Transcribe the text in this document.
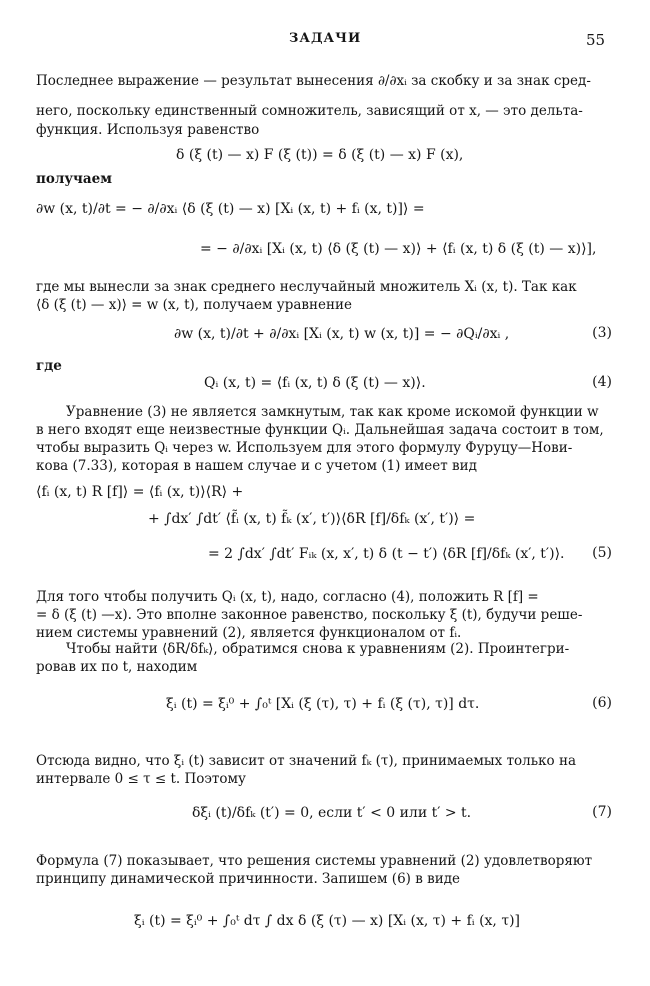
ЗАДАЧИ	55
Последнее выражение — результат вынесения ∂/∂xᵢ за скобку и за знак сред-
него, поскольку единственный сомножитель, зависящий от x, — это дельта-
функция. Используя равенство
δ (ξ (t) — x) F (ξ (t)) = δ (ξ (t) — x) F (x),
получаем
∂w (x, t)/∂t = − ∂/∂xᵢ ⟨δ (ξ (t) — x) [Xᵢ (x, t) + fᵢ (x, t)]⟩ =
= − ∂/∂xᵢ [Xᵢ (x, t) ⟨δ (ξ (t) — x)⟩ + ⟨fᵢ (x, t) δ (ξ (t) — x)⟩],
где мы вынесли за знак среднего неслучайный множитель Xᵢ (x, t). Так как
⟨δ (ξ (t) — x)⟩ = w (x, t), получаем уравнение
∂w (x, t)/∂t + ∂/∂xᵢ [Xᵢ (x, t) w (x, t)] = − ∂Qᵢ/∂xᵢ ,	(3)
где
Qᵢ (x, t) = ⟨fᵢ (x, t) δ (ξ (t) — x)⟩.	(4)
Уравнение (3) не является замкнутым, так как кроме искомой функции w
в него входят еще неизвестные функции Qᵢ. Дальнейшая задача состоит в том,
чтобы выразить Qᵢ через w. Используем для этого формулу Фуруцу—Нови-
кова (7.33), которая в нашем случае и с учетом (1) имеет вид
⟨fᵢ (x, t) R [f]⟩ = ⟨fᵢ (x, t)⟩⟨R⟩ +
+ ∫dx′ ∫dt′ ⟨f̃ᵢ (x, t) f̃ₖ (x′, t′)⟩⟨δR [f]/δfₖ (x′, t′)⟩ =
= 2 ∫dx′ ∫dt′ Fᵢₖ (x, x′, t) δ (t − t′) ⟨δR [f]/δfₖ (x′, t′)⟩. (5)
Для того чтобы получить Qᵢ (x, t), надо, согласно (4), положить R [f] =
= δ (ξ (t) —x). Это вполне законное равенство, поскольку ξ (t), будучи реше-
нием системы уравнений (2), является функционалом от fᵢ.
Чтобы найти ⟨δR/δfₖ⟩, обратимся снова к уравнениям (2). Проинтегри-
ровав их по t, находим
ξᵢ (t) = ξᵢ⁰ + ∫₀ᵗ [Xᵢ (ξ (τ), τ) + fᵢ (ξ (τ), τ)] dτ.	(6)
Отсюда видно, что ξᵢ (t) зависит от значений fₖ (τ), принимаемых только на
интервале 0 ≤ τ ≤ t. Поэтому
δξᵢ (t)/δfₖ (t′) = 0, если t′ < 0 или t′ > t.	(7)
Формула (7) показывает, что решения системы уравнений (2) удовлетворяют
принципу динамической причинности. Запишем (6) в виде
ξᵢ (t) = ξᵢ⁰ + ∫₀ᵗ dτ ∫ dx δ (ξ (τ) — x) [Xᵢ (x, τ) + fᵢ (x, τ)]
